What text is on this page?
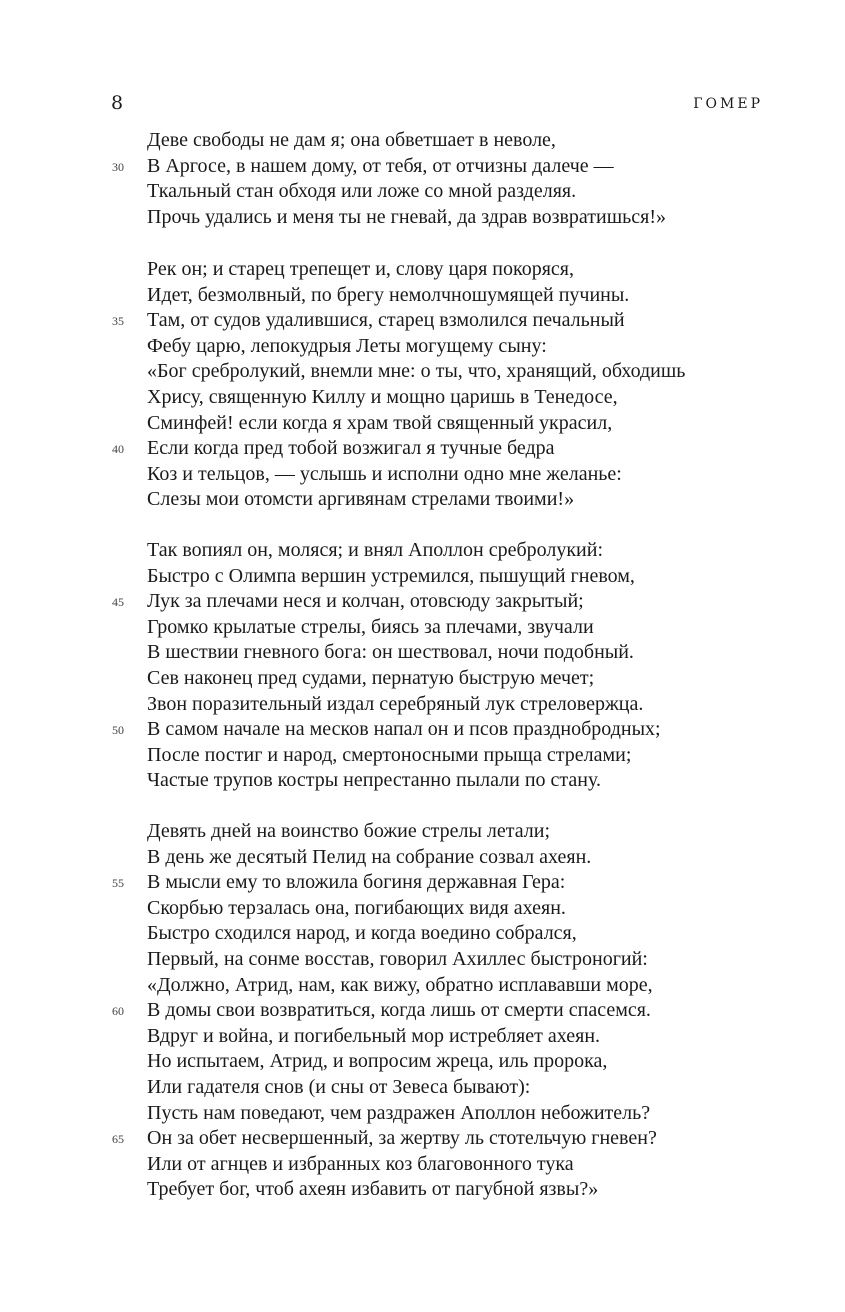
8	ГОМЕР
Деве свободы не дам я; она обветшает в неволе,
30 В Аргосе, в нашем дому, от тебя, от отчизны далече —
Ткальный стан обходя или ложе со мной разделяя.
Прочь удались и меня ты не гневай, да здрав возвратишься!»
Рек он; и старец трепещет и, слову царя покоряся,
Идет, безмолвный, по брегу немолчношумящей пучины.
35 Там, от судов удалившися, старец взмолился печальный
Фебу царю, лепокудрыя Леты могущему сыну:
«Бог сребролукий, внемли мне: о ты, что, хранящий, обходишь
Хрису, священную Киллу и мощно царишь в Тенедосе,
Сминфей! если когда я храм твой священный украсил,
40 Если когда пред тобой возжигал я тучные бедра
Коз и тельцов, — услышь и исполни одно мне желанье:
Слезы мои отомсти аргивянам стрелами твоими!»
Так вопиял он, моляся; и внял Аполлон сребролукий:
Быстро с Олимпа вершин устремился, пышущий гневом,
45 Лук за плечами неся и колчан, отовсюду закрытый;
Громко крылатые стрелы, биясь за плечами, звучали
В шествии гневного бога: он шествовал, ночи подобный.
Сев наконец пред судами, пернатую быструю мечет;
Звон поразительный издал серебряный лук стреловержца.
50 В самом начале на месков напал он и псов празднобродных;
После постиг и народ, смертоносными прыща стрелами;
Частые трупов костры непрестанно пылали по стану.
Девять дней на воинство божие стрелы летали;
В день же десятый Пелид на собрание созвал ахеян.
55 В мысли ему то вложила богиня державная Гера:
Скорбью терзалась она, погибающих видя ахеян.
Быстро сходился народ, и когда воедино собрался,
Первый, на сонме восстав, говорил Ахиллес быстроногий:
«Должно, Атрид, нам, как вижу, обратно исплававши море,
60 В домы свои возвратиться, когда лишь от смерти спасемся.
Вдруг и война, и погибельный мор истребляет ахеян.
Но испытаем, Атрид, и вопросим жреца, иль пророка,
Или гадателя снов (и сны от Зевеса бывают):
Пусть нам поведают, чем раздражен Аполлон небожитель?
65 Он за обет несвершенный, за жертву ль стотельчую гневен?
Или от агнцев и избранных коз благовонного тука
Требует бог, чтоб ахеян избавить от пагубной язвы?»
